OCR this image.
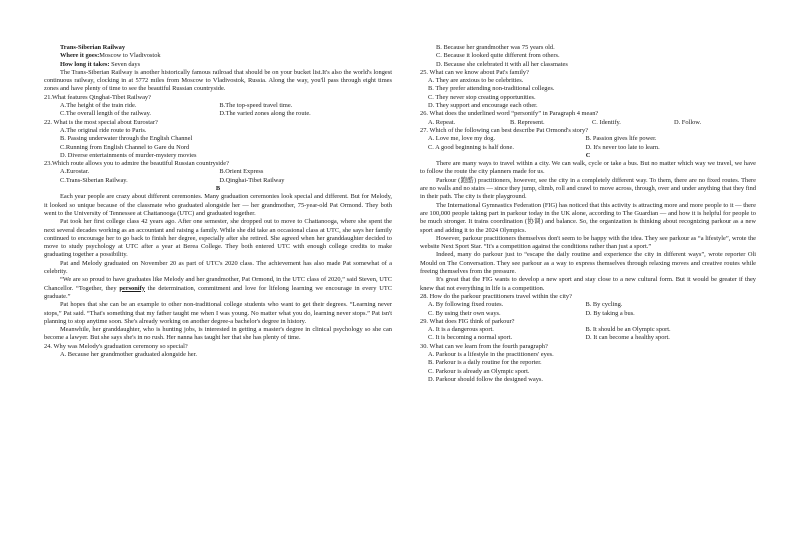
Trans-Siberian Railway
Where it goes:Moscow to Vladivostok
How long it takes: Seven days

The Trans-Siberian Railway is another historically famous railroad that should be on your bucket list.It's also the world's longest continuous railway, clocking in at 5772 miles from Moscow to Vladivostok, Russia. Along the way, you'll pass through eight times zones and have plenty of time to see the beautiful Russian countryside.

21.What features Qinghai-Tibet Railway?
A.The height of the train ride.	B.The top-speed travel time.
C.The overall length of the railway.	D.The varied zones along the route.
22. What is the most special about Eurostar?
A.The original ride route to Paris.
B. Passing underwater through the English Channel
C.Running from English Channel to Gare du Nord
D. Diverse entertainments of murder-mystery movies
23.Which route allows you to admire the beautiful Russian countryside?
A.Eurostar.	B.Orient Express
C.Trans-Siberian Railway.	D.Qinghai-Tibet Railway
B

Each year people are crazy about different ceremonies. Many graduation ceremonies look special and different. But for Melody, it looked so unique because of the classmate who graduated alongside her — her grandmother, 75-year-old Pat Ormond. They both went to the University of Tennessee at Chattanooga (UTC) and graduated together.

Pat took her first college class 42 years ago. After one semester, she dropped out to move to Chattanooga, where she spent the next several decades working as an accountant and raising a family. While she did take an occasional class at UTC, she says her family continued to encourage her to go back to finish her degree, especially after she retired. She agreed when her granddaughter decided to move to study psychology at UTC after a year at Berea College. They both entered UTC with enough college credits to make graduating together a possibility.

Pat and Melody graduated on November 20 as part of UTC's 2020 class. The achievement has also made Pat somewhat of a celebrity.

“We are so proud to have graduates like Melody and her grandmother, Pat Ormond, in the UTC class of 2020,” said Steven, UTC Chancellor. “Together, they personify the determination, commitment and love for lifelong learning we encourage in every UTC graduate.”

Pat hopes that she can be an example to other non-traditional college students who want to get their degrees. “Learning never stops,” Pat said. “That's something that my father taught me when I was young. No matter what you do, learning never stops.” Pat isn't planning to stop anytime soon. She's already working on another degree-a bachelor's degree in history.

Meanwhile, her granddaughter, who is hunting jobs, is interested in getting a master's degree in clinical psychology so she can become a lawyer. But she says she's in no rush. Her nanna has taught her that she has plenty of time.

24. Why was Melody's graduation ceremony so special?
A. Because her grandmother graduated alongside her.
B. Because her grandmother was 75 years old.
C. Because it looked quite different from others.
D. Because she celebrated it with all her classmates
25. What can we know about Pat's family?
A. They are anxious to be celebrities.
B. They prefer attending non-traditional colleges.
C. They never stop creating opportunities.
D. They support and encourage each other.
26. What does the underlined word “personify” in Paragraph 4 mean?
A. Repeat.	B. Represent.	C. Identify.	D. Follow.
27. Which of the following can best describe Pat Ormond's story?
A. Love me, love my dog.	B. Passion gives life power.
C. A good beginning is half done.	D. It's never too late to learn.
C

There are many ways to travel within a city. We can walk, cycle or take a bus. But no matter which way we travel, we have to follow the route the city planners made for us.

Parkour (跑酷) practitioners, however, see the city in a completely different way. To them, there are no fixed routes. There are no walls and no stairs — since they jump, climb, roll and crawl to move across, through, over and under anything that they find in their path. The city is their playground.

The International Gymnastics Federation (FIG) has noticed that this activity is attracting more and more people to it — there are 100,000 people taking part in parkour today in the UK alone, according to The Guardian — and how it is helpful for people to be much stronger. It trains coordination (协调) and balance. So, the organization is thinking about recognizing parkour as a new sport and adding it to the 2024 Olympics.

However, parkour practitioners themselves don't seem to be happy with the idea. They see parkour as “a lifestyle”, wrote the website Next Sport Star. “It's a competition against the conditions rather than just a sport.”

Indeed, many do parkour just to “escape the daily routine and experience the city in different ways”, wrote reporter Oli Mould on The Conversation. They see parkour as a way to express themselves through relaxing moves and creative routes while freeing themselves from the pressure.

It's great that the FIG wants to develop a new sport and stay close to a new cultural form. But it would be greater if they knew that not everything in life is a competition.

28. How do the parkour practitioners travel within the city?
A. By following fixed routes.	B. By cycling.
C. By using their own ways.	D. By taking a bus.
29. What does FIG think of parkour?
A. It is a dangerous sport.	B. It should be an Olympic sport.
C. It is becoming a normal sport.	D. It can become a healthy sport.
30. What can we learn from the fourth paragraph?
A. Parkour is a lifestyle in the practitioners' eyes.
B. Parkour is a daily routine for the reporter.
C. Parkour is already an Olympic sport.
D. Parkour should follow the designed ways.
